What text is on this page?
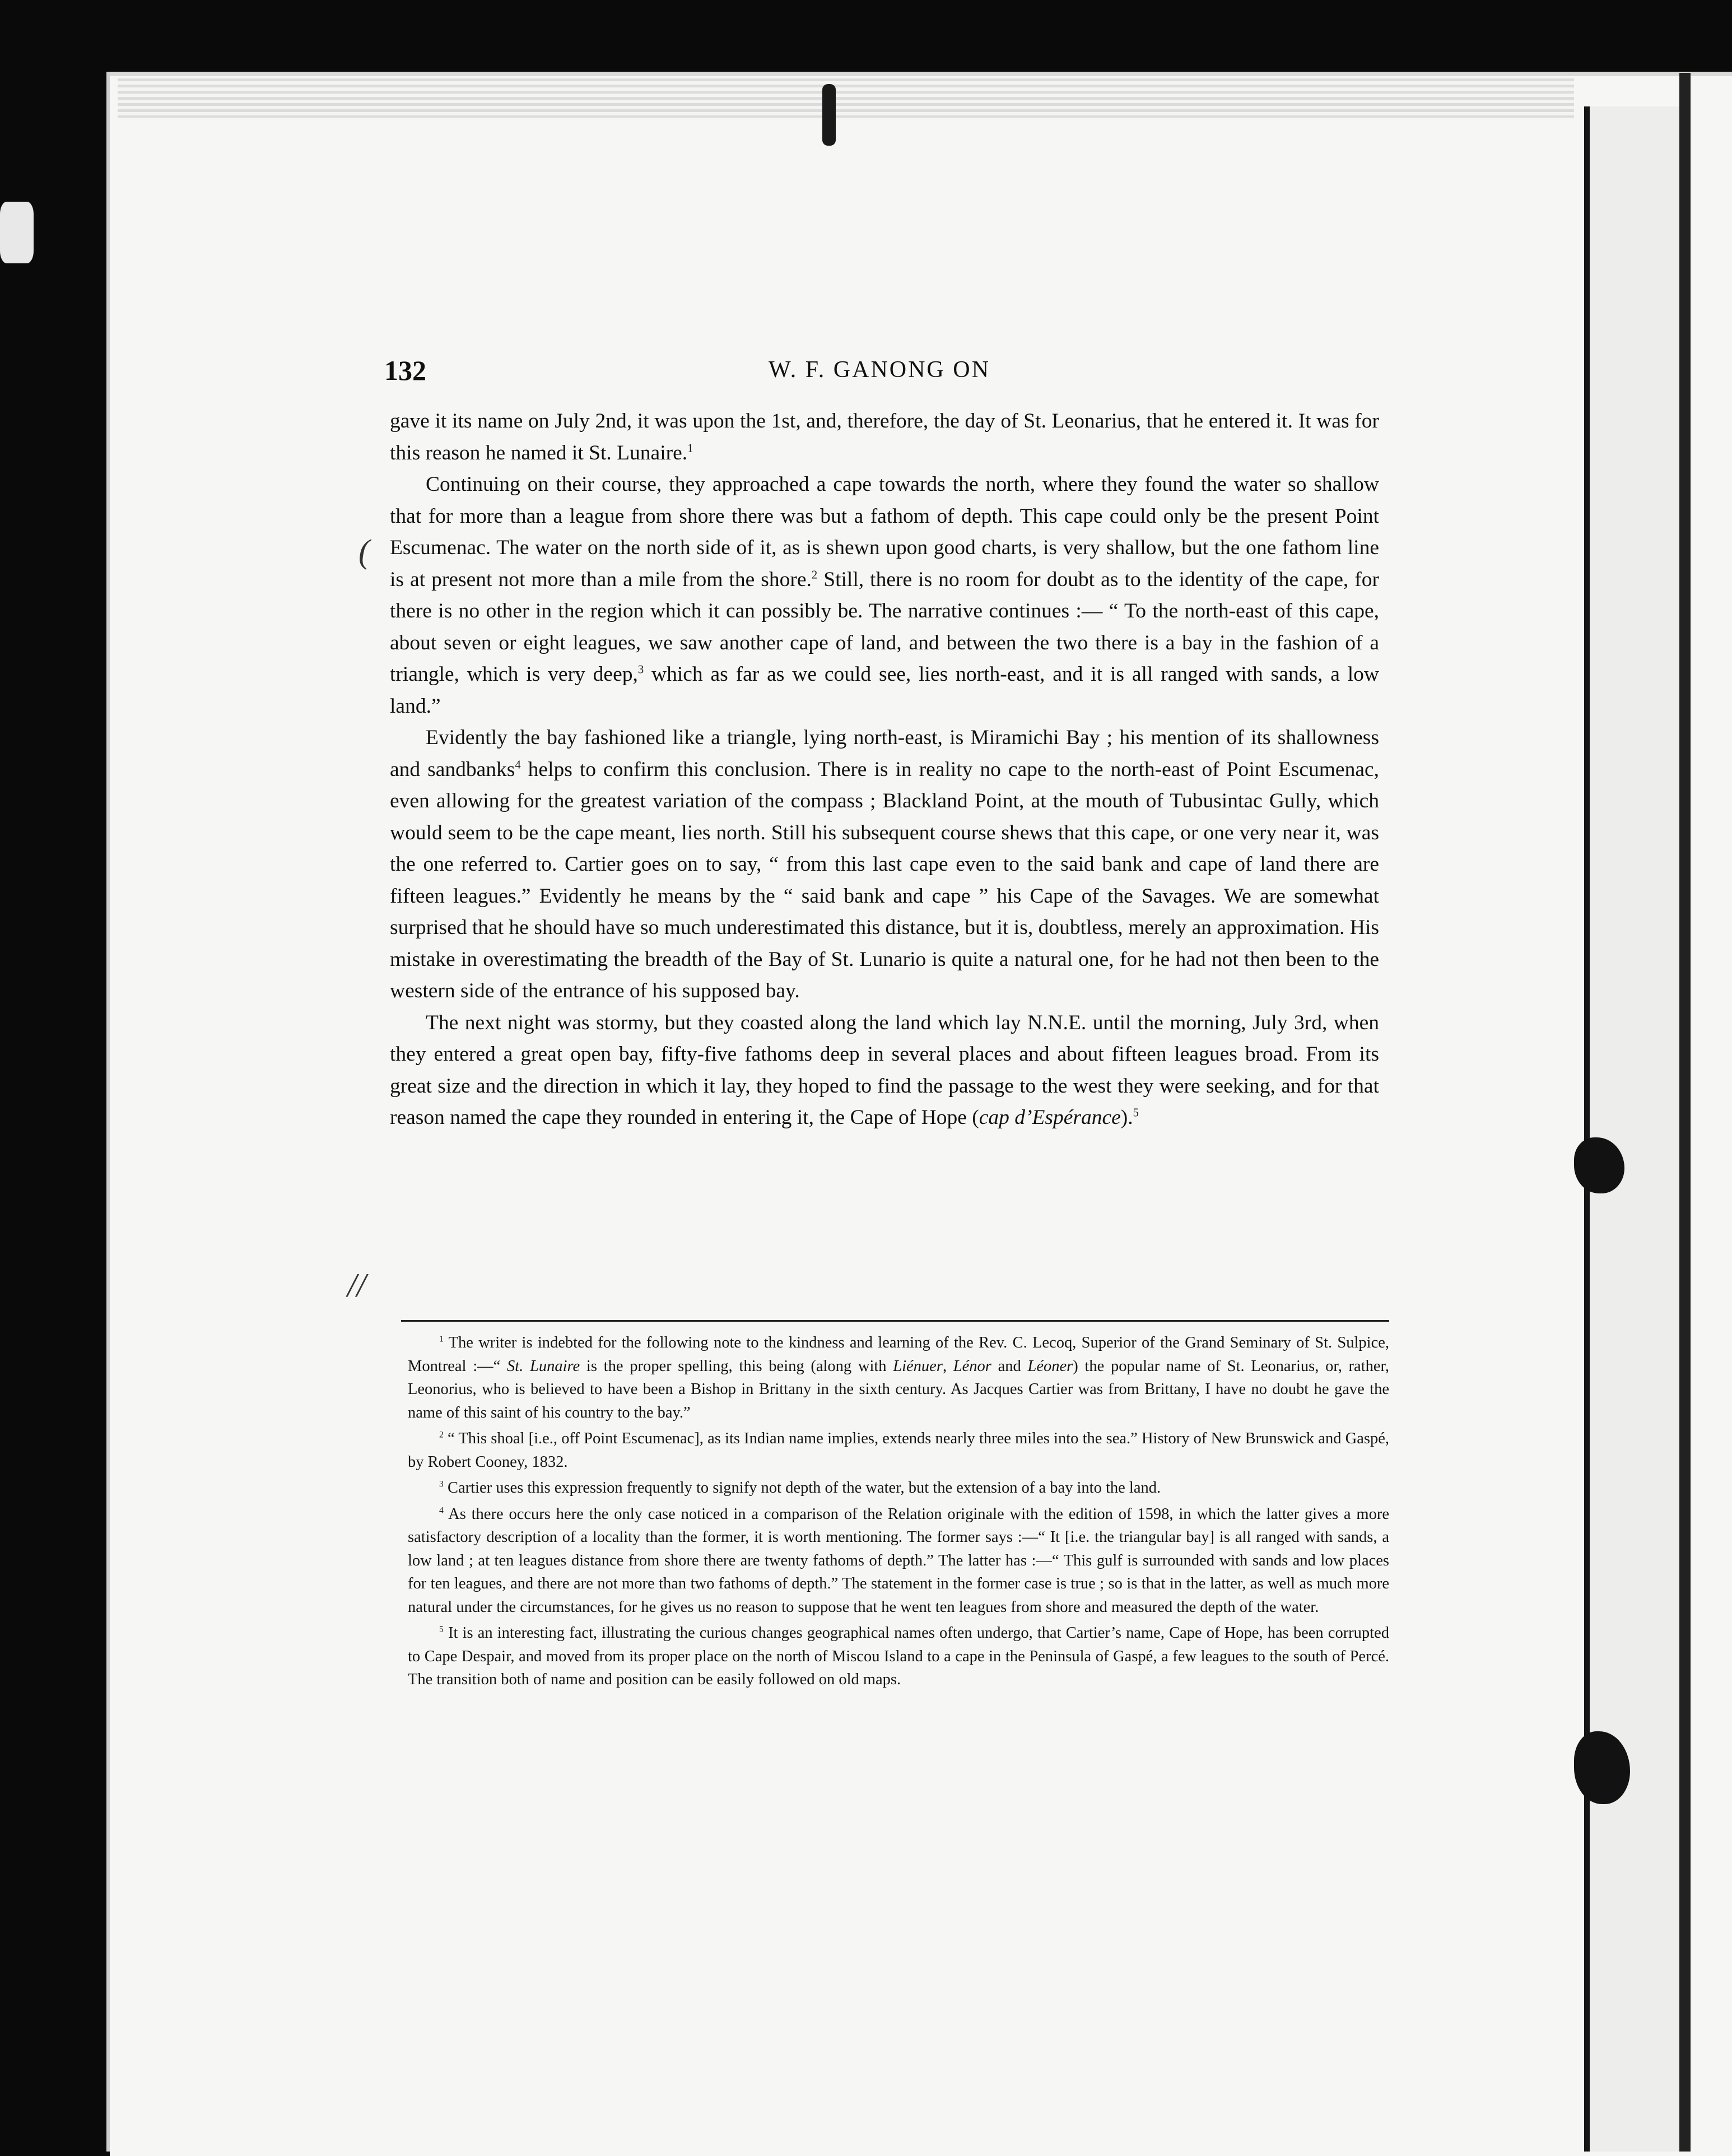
132	W. F. GANONG ON
(
//

gave it its name on July 2nd, it was upon the 1st, and, therefore, the day of St. Leonarius, that he entered it. It was for this reason he named it St. Lunaire.$^1$

Continuing on their course, they approached a cape towards the north, where they found the water so shallow that for more than a league from shore there was but a fathom of depth. This cape could only be the present Point Escumenac. The water on the north side of it, as is shewn upon good charts, is very shallow, but the one fathom line is at present not more than a mile from the shore.$^2$ Still, there is no room for doubt as to the identity of the cape, for there is no other in the region which it can possibly be. The narrative continues :— “ To the north-east of this cape, about seven or eight leagues, we saw another cape of land, and between the two there is a bay in the fashion of a triangle, which is very deep,$^3$ which as far as we could see, lies north-east, and it is all ranged with sands, a low land.”

Evidently the bay fashioned like a triangle, lying north-east, is Miramichi Bay ; his mention of its shallowness and sandbanks$^4$ helps to confirm this conclusion. There is in reality no cape to the north-east of Point Escumenac, even allowing for the greatest variation of the compass ; Blackland Point, at the mouth of Tubusintac Gully, which would seem to be the cape meant, lies north. Still his subsequent course shews that this cape, or one very near it, was the one referred to. Cartier goes on to say, “ from this last cape even to the said bank and cape of land there are fifteen leagues.” Evidently he means by the “ said bank and cape ” his Cape of the Savages. We are somewhat surprised that he should have so much underestimated this distance, but it is, doubtless, merely an approximation. His mistake in overestimating the breadth of the Bay of St. Lunario is quite a natural one, for he had not then been to the western side of the entrance of his supposed bay.

The next night was stormy, but they coasted along the land which lay N.N.E. until the morning, July 3rd, when they entered a great open bay, fifty-five fathoms deep in several places and about fifteen leagues broad. From its great size and the direction in which it lay, they hoped to find the passage to the west they were seeking, and for that reason named the cape they rounded in entering it, the Cape of Hope (cap d’Espérance).$^5$

$^1$ The writer is indebted for the following note to the kindness and learning of the Rev. C. Lecoq, Superior of the Grand Seminary of St. Sulpice, Montreal :—“ St. Lunaire is the proper spelling, this being (along with Liénuer, Lénor and Léoner) the popular name of St. Leonarius, or, rather, Leonorius, who is believed to have been a Bishop in Brittany in the sixth century. As Jacques Cartier was from Brittany, I have no doubt he gave the name of this saint of his country to the bay.”

$^2$ “ This shoal [i.e., off Point Escumenac], as its Indian name implies, extends nearly three miles into the sea.” History of New Brunswick and Gaspé, by Robert Cooney, 1832.

$^3$ Cartier uses this expression frequently to signify not depth of the water, but the extension of a bay into the land.

$^4$ As there occurs here the only case noticed in a comparison of the Relation originale with the edition of 1598, in which the latter gives a more satisfactory description of a locality than the former, it is worth mentioning. The former says :—“ It [i.e. the triangular bay] is all ranged with sands, a low land ; at ten leagues distance from shore there are twenty fathoms of depth.” The latter has :—“ This gulf is surrounded with sands and low places for ten leagues, and there are not more than two fathoms of depth.” The statement in the former case is true ; so is that in the latter, as well as much more natural under the circumstances, for he gives us no reason to suppose that he went ten leagues from shore and measured the depth of the water.

$^5$ It is an interesting fact, illustrating the curious changes geographical names often undergo, that Cartier’s name, Cape of Hope, has been corrupted to Cape Despair, and moved from its proper place on the north of Miscou Island to a cape in the Peninsula of Gaspé, a few leagues to the south of Percé. The transition both of name and position can be easily followed on old maps.
